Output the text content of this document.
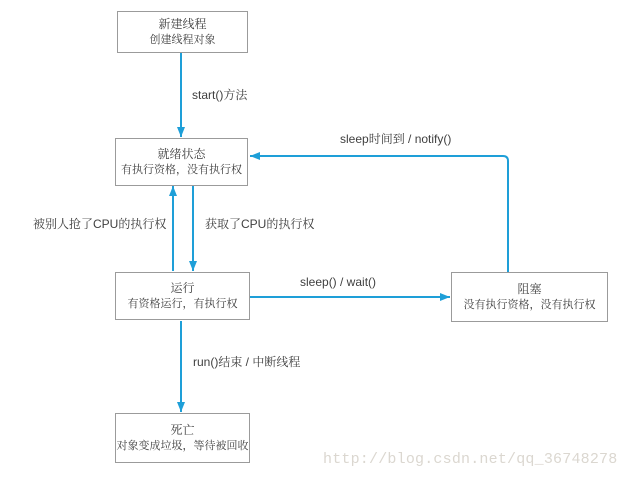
新建线程
创建线程对象
就绪状态
有执行资格，没有执行权
运行
有资格运行，有执行权
阻塞
没有执行资格，没有执行权
死亡
对象变成垃圾，等待被回收
start()方法
被别人抢了CPU的执行权	获取了CPU的执行权
sleep() / wait()
sleep时间到 / notify()
run()结束 / 中断线程
http://blog.csdn.net/qq_36748278
